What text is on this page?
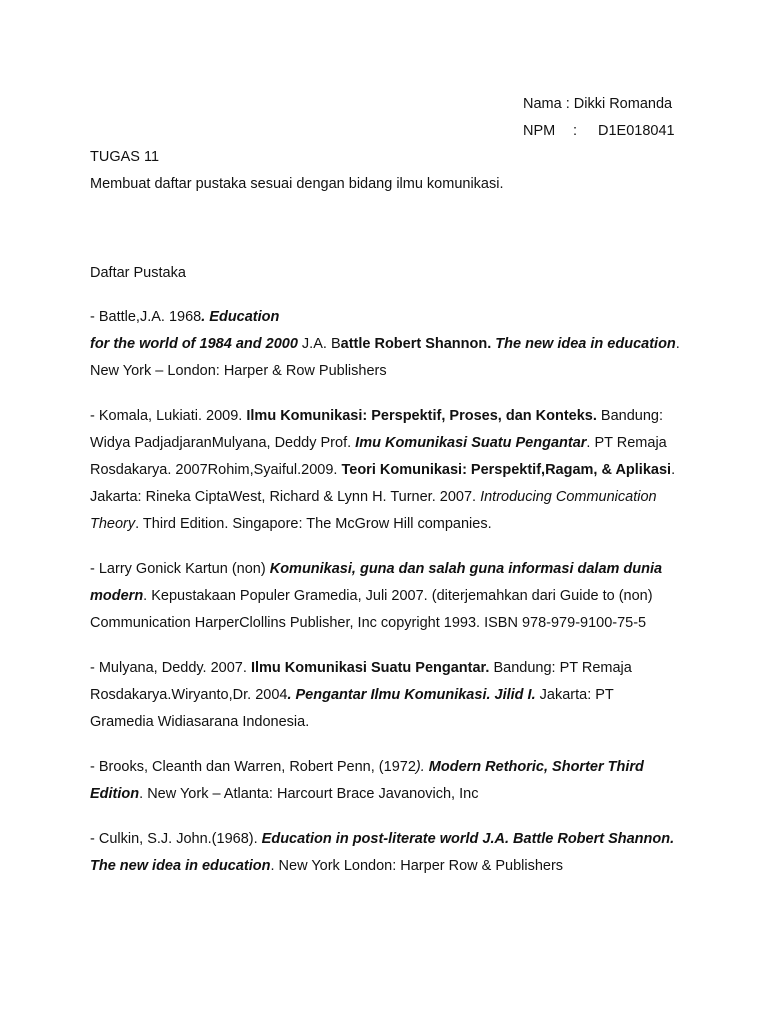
Nama : Dikki Romanda
NPM : D1E018041
TUGAS 11
Membuat daftar pustaka sesuai dengan bidang ilmu komunikasi.
Daftar Pustaka

- Battle,J.A. 1968. Education
for the world of 1984 and 2000 J.A. Battle Robert Shannon. The new idea in education. New York – London: Harper & Row Publishers

- Komala, Lukiati. 2009. Ilmu Komunikasi: Perspektif, Proses, dan Konteks. Bandung: Widya PadjadjaranMulyana, Deddy Prof. Imu Komunikasi Suatu Pengantar. PT Remaja Rosdakarya. 2007Rohim,Syaiful.2009. Teori Komunikasi: Perspektif,Ragam, & Aplikasi. Jakarta: Rineka CiptaWest, Richard & Lynn H. Turner. 2007. Introducing Communication Theory. Third Edition. Singapore: The McGrow Hill companies.

- Larry Gonick Kartun (non) Komunikasi, guna dan salah guna informasi dalam dunia modern. Kepustakaan Populer Gramedia, Juli 2007. (diterjemahkan dari Guide to (non) Communication HarperClollins Publisher, Inc copyright 1993. ISBN 978-979-9100-75-5

- Mulyana, Deddy. 2007. Ilmu Komunikasi Suatu Pengantar. Bandung: PT Remaja Rosdakarya.Wiryanto,Dr. 2004. Pengantar Ilmu Komunikasi. Jilid I. Jakarta: PT Gramedia Widiasarana Indonesia.

- Brooks, Cleanth dan Warren, Robert Penn, (1972). Modern Rethoric, Shorter Third Edition. New York – Atlanta: Harcourt Brace Javanovich, Inc

- Culkin, S.J. John.(1968). Education in post-literate world J.A. Battle Robert Shannon. The new idea in education. New York London: Harper Row & Publishers
